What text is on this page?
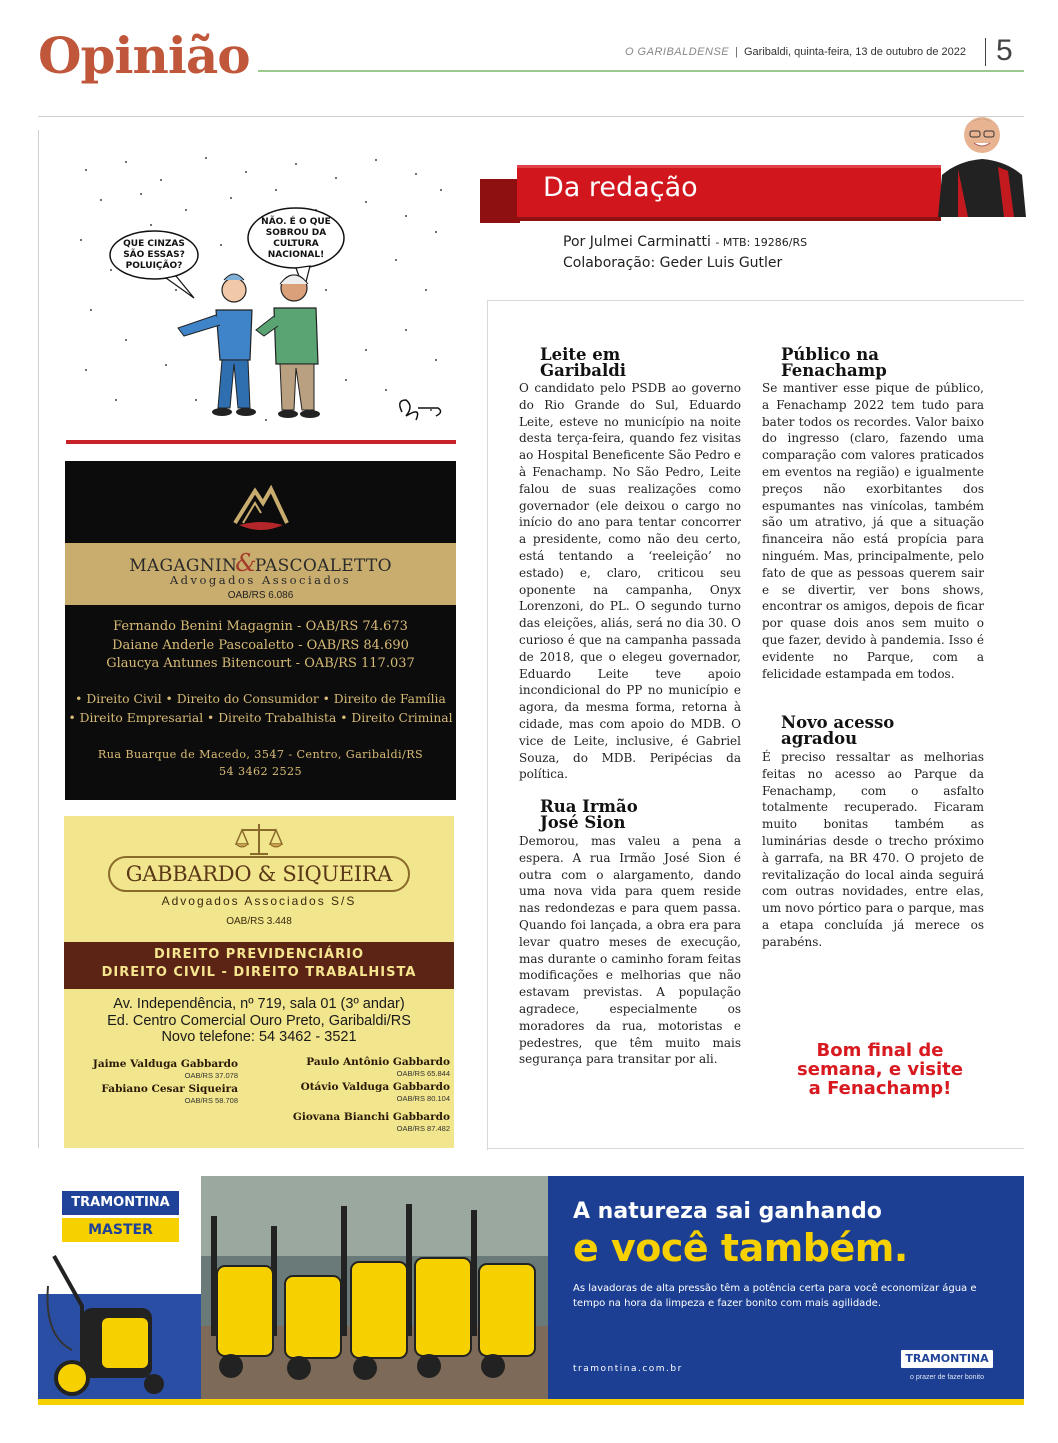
Opinião	O GARIBALDENSE | Garibaldi, quinta-feira, 13 de outubro de 2022 5
QUE CINZAS
SÃO ESSAS?
POLUIÇÃO?
NÃO. É O QUE
SOBROU DA
CULTURA
NACIONAL!
MAGAGNIN&PASCOALETTO
Advogados Associados
OAB/RS 6.086
Fernando Benini Magagnin - OAB/RS 74.673
Daiane Anderle Pascoaletto - OAB/RS 84.690
Glaucya Antunes Bitencourt - OAB/RS 117.037
• Direito Civil • Direito do Consumidor • Direito de Família
• Direito Empresarial • Direito Trabalhista • Direito Criminal
Rua Buarque de Macedo, 3547 - Centro, Garibaldi/RS
54 3462 2525
GABBARDO & SIQUEIRA
Advogados Associados S/S
OAB/RS 3.448
DIREITO PREVIDENCIÁRIO
DIREITO CIVIL - DIREITO TRABALHISTA
Av. Independência, nº 719, sala 01 (3º andar)
Ed. Centro Comercial Ouro Preto, Garibaldi/RS
Novo telefone: 54 3462 - 3521
Jaime Valduga Gabbardo
OAB/RS 37.078
Paulo Antônio Gabbardo
OAB/RS 65.844
Fabiano Cesar Siqueira
OAB/RS 58.708
Otávio Valduga Gabbardo
OAB/RS 80.104
Giovana Bianchi Gabbardo
OAB/RS 87.482
Da redação
Por Julmei Carminatti - MTB: 19286/RS
Colaboração: Geder Luis Gutler
Leite em
Garibaldi
O candidato pelo PSDB ao governo do Rio Grande do Sul, Eduardo Leite, esteve no município na noite desta terça-feira, quando fez visitas ao Hospital Beneficente São Pedro e à Fenachamp. No São Pedro, Leite falou de suas realizações como governador (ele deixou o cargo no início do ano para tentar concorrer a presidente, como não deu certo, está tentando a ‘reeleição’ no estado) e, claro, criticou seu oponente na campanha, Onyx Lorenzoni, do PL. O segundo turno das eleições, aliás, será no dia 30. O curioso é que na campanha passada de 2018, que o elegeu governador, Eduardo Leite teve apoio incondicional do PP no município e agora, da mesma forma, retorna à cidade, mas com apoio do MDB. O vice de Leite, inclusive, é Gabriel Souza, do MDB. Peripécias da política.
Rua Irmão
José Sion
Demorou, mas valeu a pena a espera. A rua Irmão José Sion é outra com o alargamento, dando uma nova vida para quem reside nas redondezas e para quem passa. Quando foi lançada, a obra era para levar quatro meses de execução, mas durante o caminho foram feitas modificações e melhorias que não estavam previstas. A população agradece, especialmente os moradores da rua, motoristas e pedestres, que têm muito mais segurança para transitar por ali.
Público na
Fenachamp
Se mantiver esse pique de público, a Fenachamp 2022 tem tudo para bater todos os recordes. Valor baixo do ingresso (claro, fazendo uma comparação com valores praticados em eventos na região) e igualmente preços não exorbitantes dos espumantes nas vinícolas, também são um atrativo, já que a situação financeira não está propícia para ninguém. Mas, principalmente, pelo fato de que as pessoas querem sair e se divertir, ver bons shows, encontrar os amigos, depois de ficar por quase dois anos sem muito o que fazer, devido à pandemia. Isso é evidente no Parque, com a felicidade estampada em todos.
Novo acesso
agradou
É preciso ressaltar as melhorias feitas no acesso ao Parque da Fenachamp, com o asfalto totalmente recuperado. Ficaram muito bonitas também as luminárias desde o trecho próximo à garrafa, na BR 470. O projeto de revitalização do local ainda seguirá com outras novidades, entre elas, um novo pórtico para o parque, mas a etapa concluída já merece os parabéns.
Bom final de
semana, e visite
a Fenachamp!
TRAMONTINA
MASTER
A natureza sai ganhando
e você também.
As lavadoras de alta pressão têm a potência certa para você economizar água e tempo na hora da limpeza e fazer bonito com mais agilidade.
tramontina.com.br
TRAMONTINA
o prazer de fazer bonito
